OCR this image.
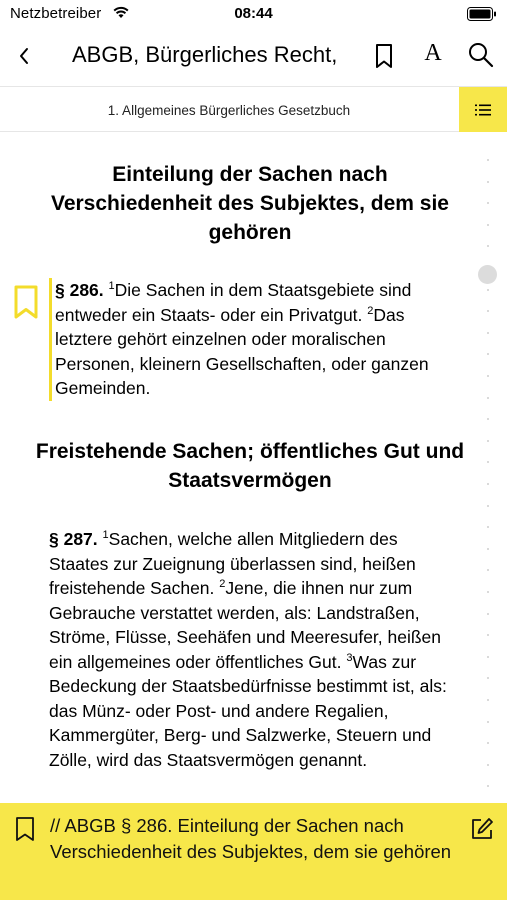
Netzbetreiber	08:44
ABGB, Bürgerliches Recht,	A
1. Allgemeines Bürgerliches Gesetzbuch
Einteilung der Sachen nach Verschiedenheit des Subjektes, dem sie gehören
§ 286. $^1$Die Sachen in dem Staatsgebiete sind entweder ein Staats- oder ein Privatgut. $^2$Das letztere gehört einzelnen oder moralischen Personen, kleinern Gesellschaften, oder ganzen Gemeinden.
Freistehende Sachen; öffentliches Gut und Staatsvermögen
§ 287. $^1$Sachen, welche allen Mitgliedern des Staates zur Zueignung überlassen sind, heißen freistehende Sachen. $^2$Jene, die ihnen nur zum Gebrauche verstattet werden, als: Landstraßen, Ströme, Flüsse, Seehäfen und Meeresufer, heißen ein allgemeines oder öffentliches Gut. $^3$Was zur Bedeckung der Staatsbedürfnisse bestimmt ist, als: das Münz- oder Post- und andere Regalien, Kammergüter, Berg- und Salzwerke, Steuern und Zölle, wird das Staatsvermögen genannt.
// ABGB § 286. Einteilung der Sachen nach Verschiedenheit des Subjektes, dem sie gehören
